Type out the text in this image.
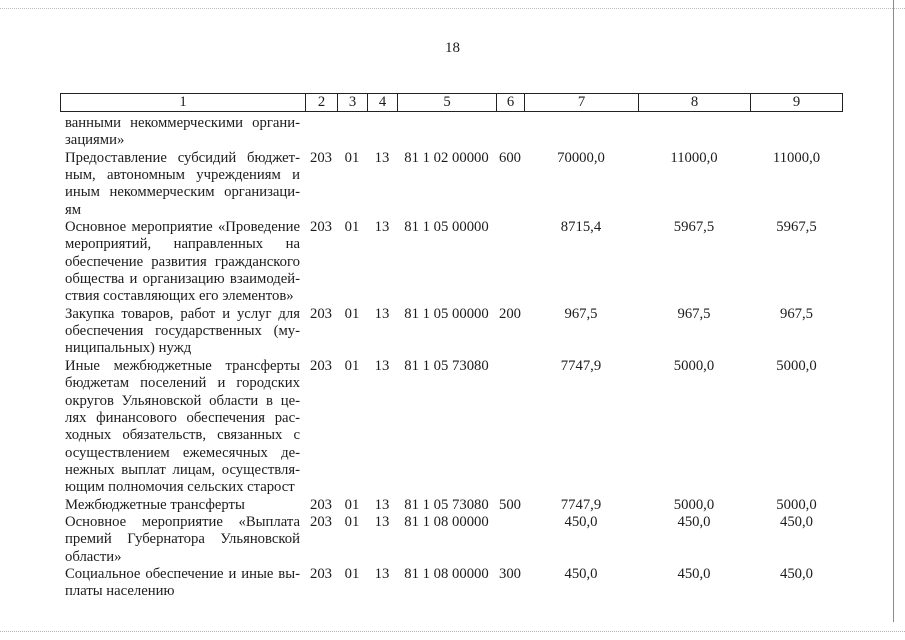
18
1	2	3	4	5	6	7	8	9
ванными некоммерческими органи-
зациями»
Предоставление субсидий бюджет-
ным, автономным учреждениям и
иным некоммерческим организаци-
ям
203 01	13	81 1 02 00000 600	70000,0	11000,0	11000,0
Основное мероприятие «Проведение
мероприятий, направленных на
обеспечение развития гражданского
общества и организацию взаимодей-
ствия составляющих его элементов»
203 01	13	81 1 05 00000	8715,4	5967,5	5967,5
Закупка товаров, работ и услуг для
обеспечения государственных (му-
ниципальных) нужд
203 01	13	81 1 05 00000 200	967,5	967,5	967,5
Иные межбюджетные трансферты
бюджетам поселений и городских
округов Ульяновской области в це-
лях финансового обеспечения рас-
ходных обязательств, связанных с
осуществлением ежемесячных де-
нежных выплат лицам, осуществля-
ющим полномочия сельских старост
203 01	13	81 1 05 73080	7747,9	5000,0	5000,0
Межбюджетные трансферты	203 01	13	81 1 05 73080 500	7747,9	5000,0	5000,0
Основное мероприятие «Выплата
премий Губернатора Ульяновской
области»
203 01	13	81 1 08 00000	450,0	450,0	450,0
Социальное обеспечение и иные вы-
платы населению
203 01	13	81 1 08 00000 300	450,0	450,0	450,0
